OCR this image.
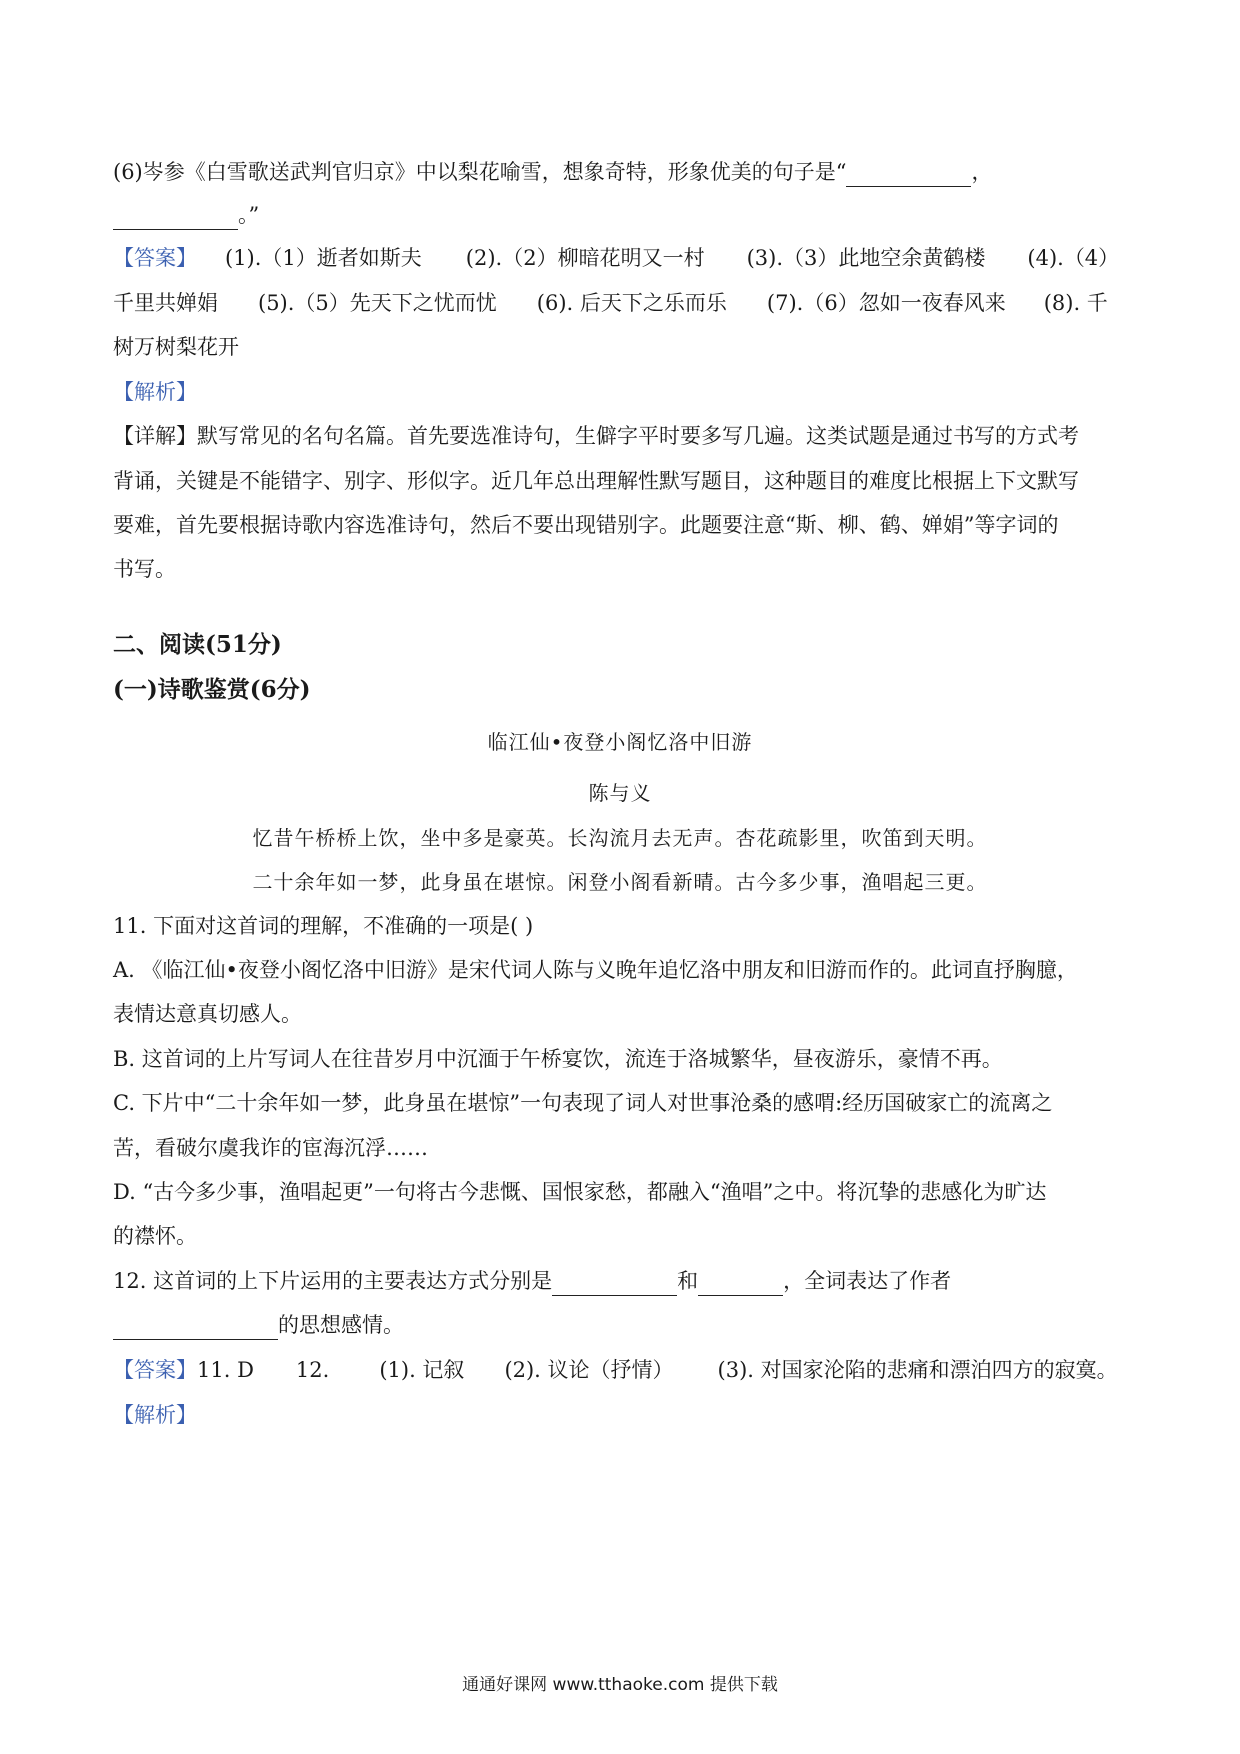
(6)岑参《白雪歌送武判官归京》中以梨花喻雪，想象奇特，形象优美的句子是“	，
。”
【答案】 (1).（1）逝者如斯夫 (2).（2）柳暗花明又一村 (3).（3）此地空余黄鹤楼 (4).（4）
千里共婵娟 (5).（5）先天下之忧而忧 (6). 后天下之乐而乐 (7).（6）忽如一夜春风来 (8). 千
树万树梨花开
【解析】
【详解】默写常见的名句名篇。首先要选准诗句，生僻字平时要多写几遍。这类试题是通过书写的方式考
背诵，关键是不能错字、别字、形似字。近几年总出理解性默写题目，这种题目的难度比根据上下文默写
要难，首先要根据诗歌内容选准诗句，然后不要出现错别字。此题要注意“斯、柳、鹤、婵娟”等字词的
书写。
二、阅读(51分)
(一)诗歌鉴赏(6分)
临江仙•夜登小阁忆洛中旧游
陈与义
忆昔午桥桥上饮，坐中多是豪英。长沟流月去无声。杏花疏影里，吹笛到天明。
二十余年如一梦，此身虽在堪惊。闲登小阁看新晴。古今多少事，渔唱起三更。
11. 下面对这首词的理解，不准确的一项是( )
A. 《临江仙•夜登小阁忆洛中旧游》是宋代词人陈与义晚年追忆洛中朋友和旧游而作的。此词直抒胸臆，
表情达意真切感人。
B. 这首词的上片写词人在往昔岁月中沉湎于午桥宴饮，流连于洛城繁华，昼夜游乐，豪情不再。
C. 下片中“二十余年如一梦，此身虽在堪惊”一句表现了词人对世事沧桑的感喟:经历国破家亡的流离之
苦，看破尔虞我诈的宦海沉浮……
D. “古今多少事，渔唱起更”一句将古今悲慨、国恨家愁，都融入“渔唱”之中。将沉挚的悲感化为旷达
的襟怀。
12. 这首词的上下片运用的主要表达方式分别是	和	，全词表达了作者
的思想感情。
【答案】11. D 12. (1). 记叙 (2). 议论（抒情） (3). 对国家沦陷的悲痛和漂泊四方的寂寞。
【解析】
通通好课网 www.tthaoke.com 提供下载
